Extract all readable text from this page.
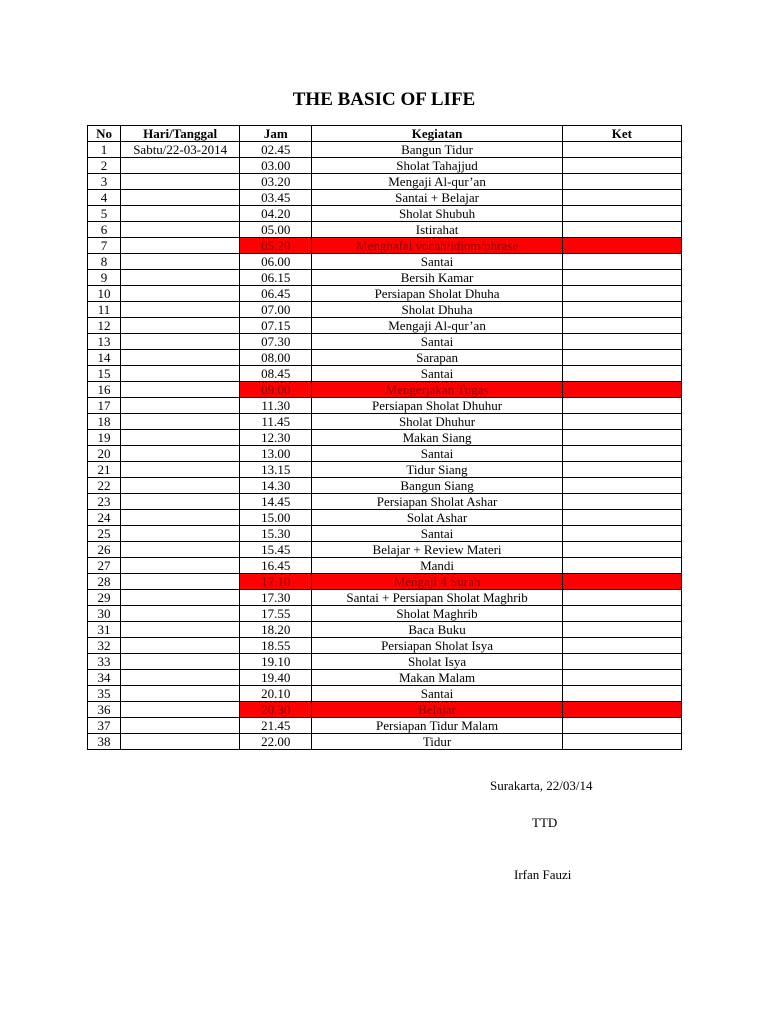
THE BASIC OF LIFE
No	Hari/Tanggal	Jam	Kegiatan	Ket
1	Sabtu/22-03-2014	02.45	Bangun Tidur	
2		03.00	Sholat Tahajjud	
3		03.20	Mengaji Al-qur’an	
4		03.45	Santai + Belajar	
5		04.20	Sholat Shubuh	
6		05.00	Istirahat	
7		05.20	Menghafal vocab/idiom/phrase	
8		06.00	Santai	
9		06.15	Bersih Kamar	
10		06.45	Persiapan Sholat Dhuha	
11		07.00	Sholat Dhuha	
12		07.15	Mengaji Al-qur’an	
13		07.30	Santai	
14		08.00	Sarapan	
15		08.45	Santai	
16		09.00	Mengerjakan Tugas	
17		11.30	Persiapan Sholat Dhuhur	
18		11.45	Sholat Dhuhur	
19		12.30	Makan Siang	
20		13.00	Santai	
21		13.15	Tidur Siang	
22		14.30	Bangun Siang	
23		14.45	Persiapan Sholat Ashar	
24		15.00	Solat Ashar	
25		15.30	Santai	
26		15.45	Belajar + Review Materi	
27		16.45	Mandi	
28		17.10	Mengaji 4 Surah	
29		17.30	Santai + Persiapan Sholat Maghrib	
30		17.55	Sholat Maghrib	
31		18.20	Baca Buku	
32		18.55	Persiapan Sholat Isya	
33		19.10	Sholat Isya	
34		19.40	Makan Malam	
35		20.10	Santai	
36		20.30	Belajar	
37		21.45	Persiapan Tidur Malam	
38		22.00	Tidur	
Surakarta, 22/03/14
TTD
Irfan Fauzi
